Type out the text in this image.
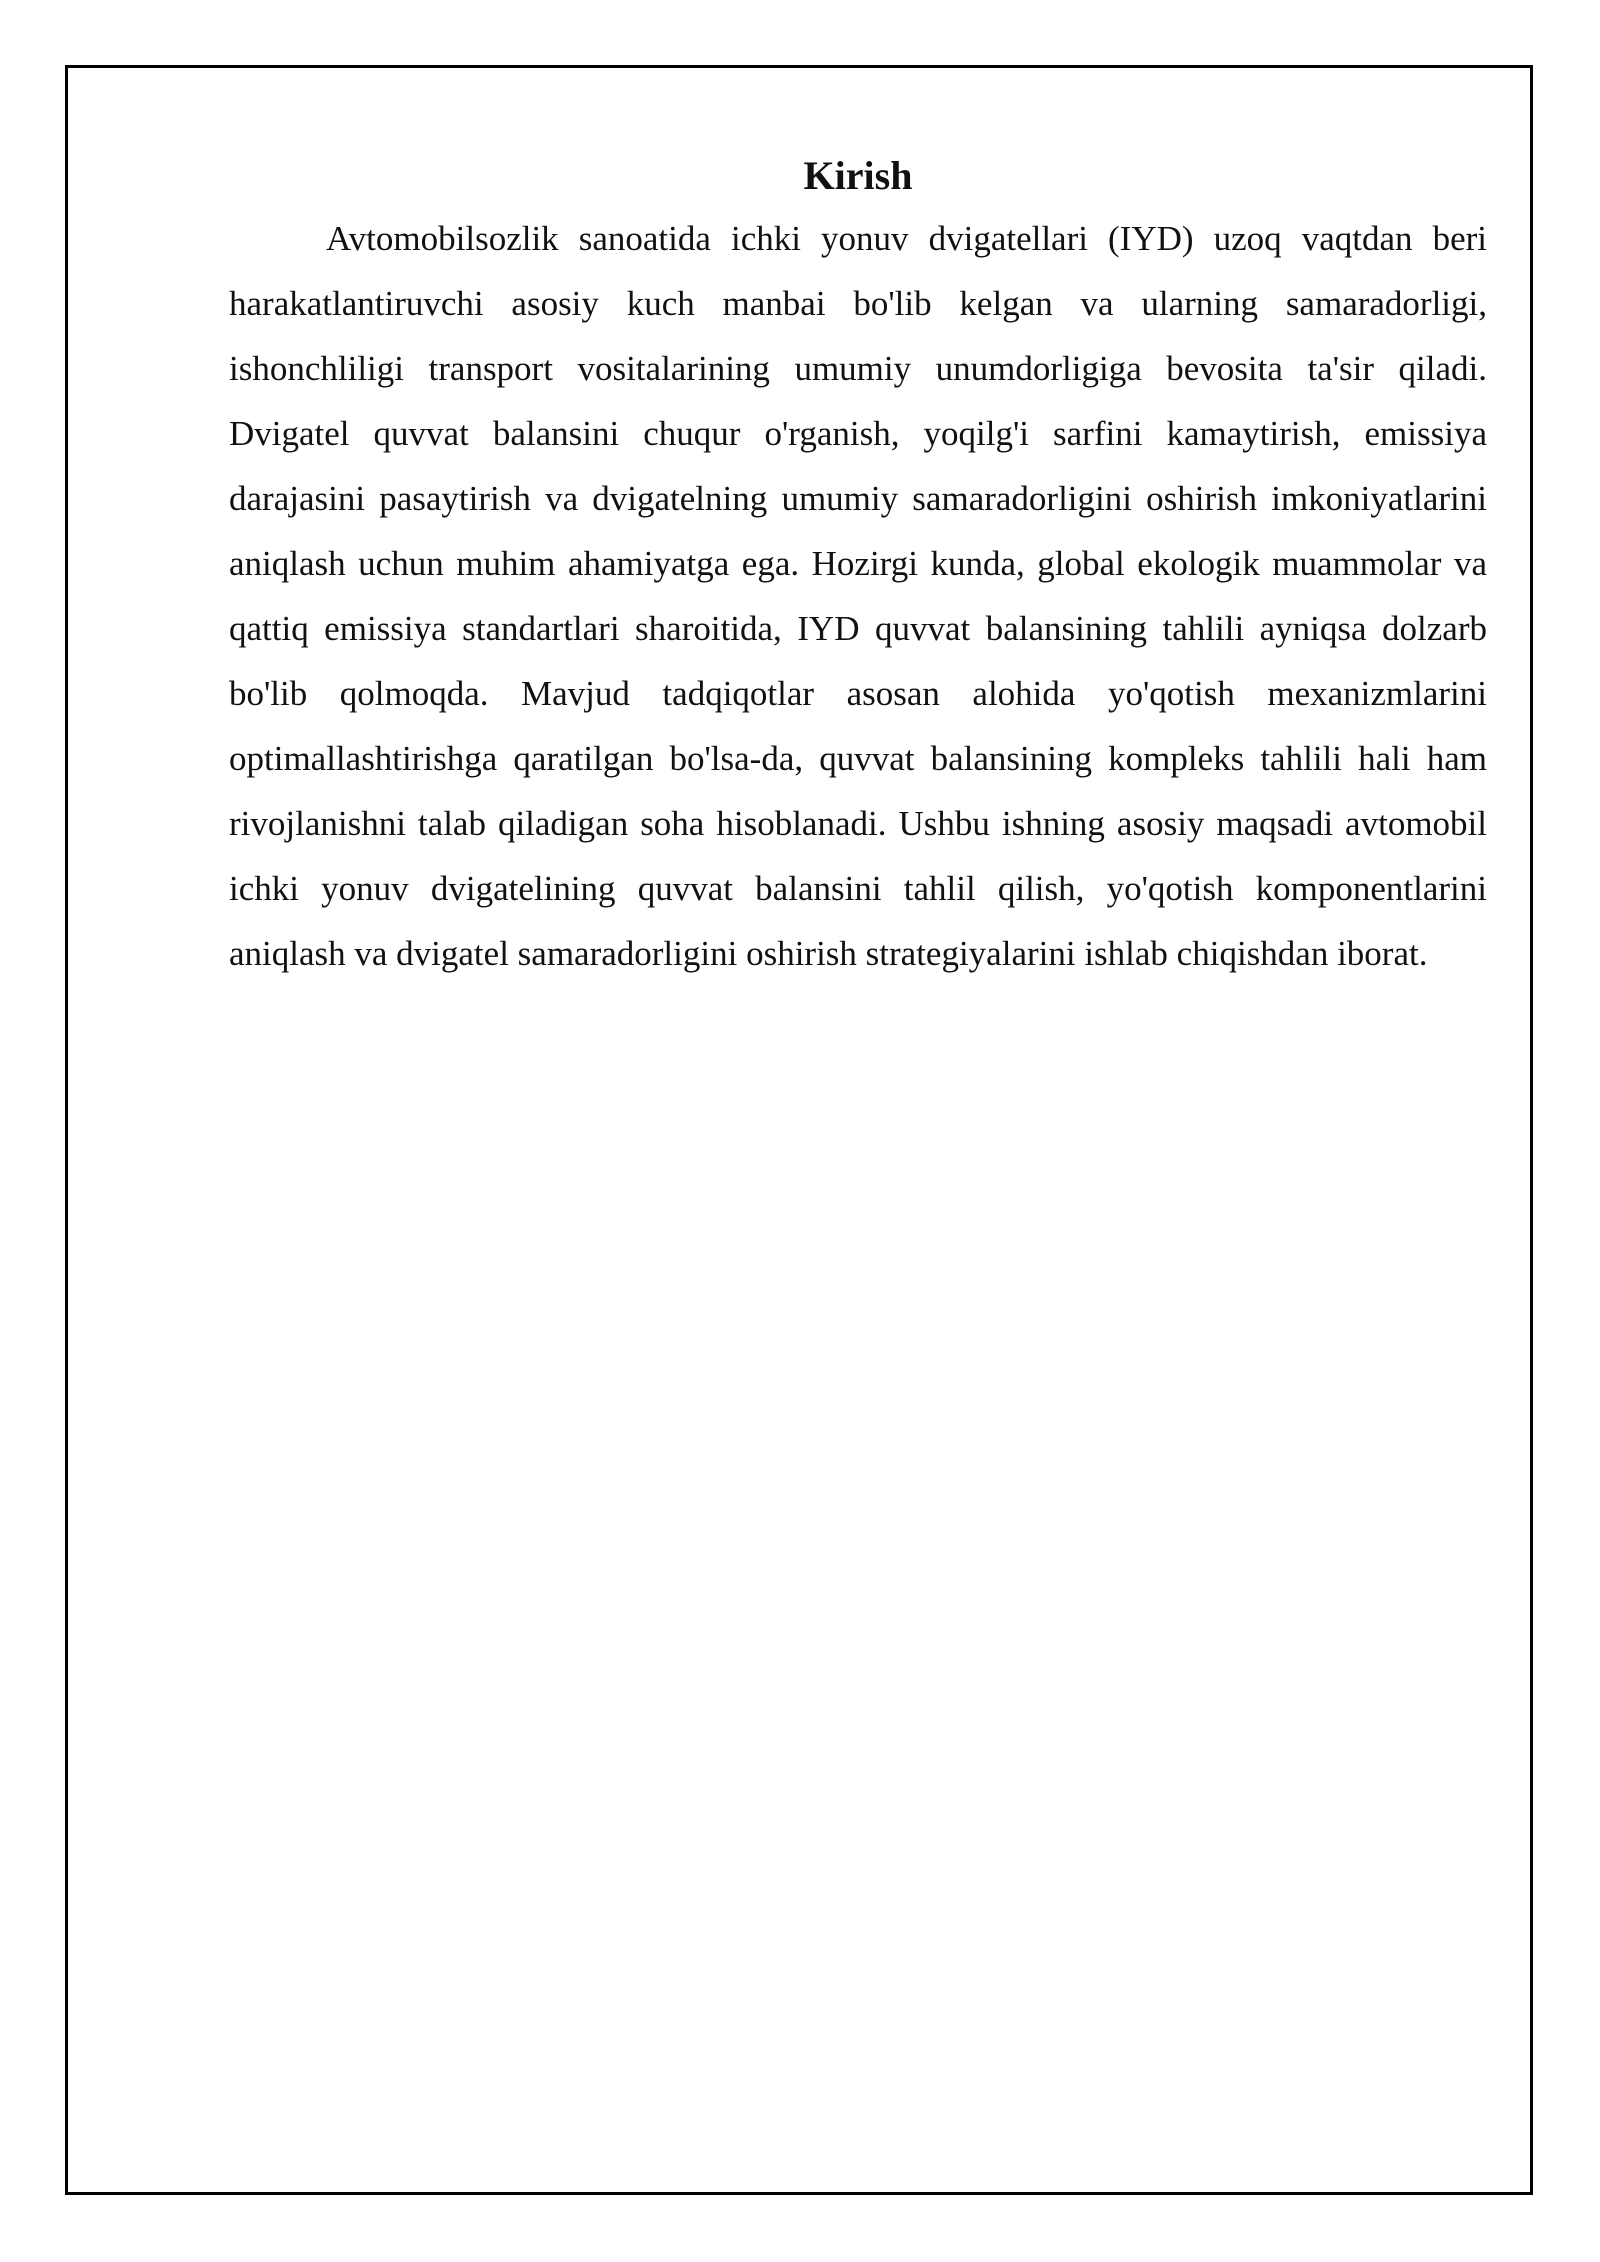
Kirish

Avtomobilsozlik sanoatida ichki yonuv dvigatellari (IYD) uzoq vaqtdan beri harakatlantiruvchi asosiy kuch manbai bo'lib kelgan va ularning samaradorligi, ishonchliligi transport vositalarining umumiy unumdorligiga bevosita ta'sir qiladi. Dvigatel quvvat balansini chuqur o'rganish, yoqilg'i sarfini kamaytirish, emissiya darajasini pasaytirish va dvigatelning umumiy samaradorligini oshirish imkoniyatlarini aniqlash uchun muhim ahamiyatga ega. Hozirgi kunda, global ekologik muammolar va qattiq emissiya standartlari sharoitida, IYD quvvat balansining tahlili ayniqsa dolzarb bo'lib qolmoqda. Mavjud tadqiqotlar asosan alohida yo'qotish mexanizmlarini optimallashtirishga qaratilgan bo'lsa-da, quvvat balansining kompleks tahlili hali ham rivojlanishni talab qiladigan soha hisoblanadi. Ushbu ishning asosiy maqsadi avtomobil ichki yonuv dvigatelining quvvat balansini tahlil qilish, yo'qotish komponentlarini aniqlash va dvigatel samaradorligini oshirish strategiyalarini ishlab chiqishdan iborat.
